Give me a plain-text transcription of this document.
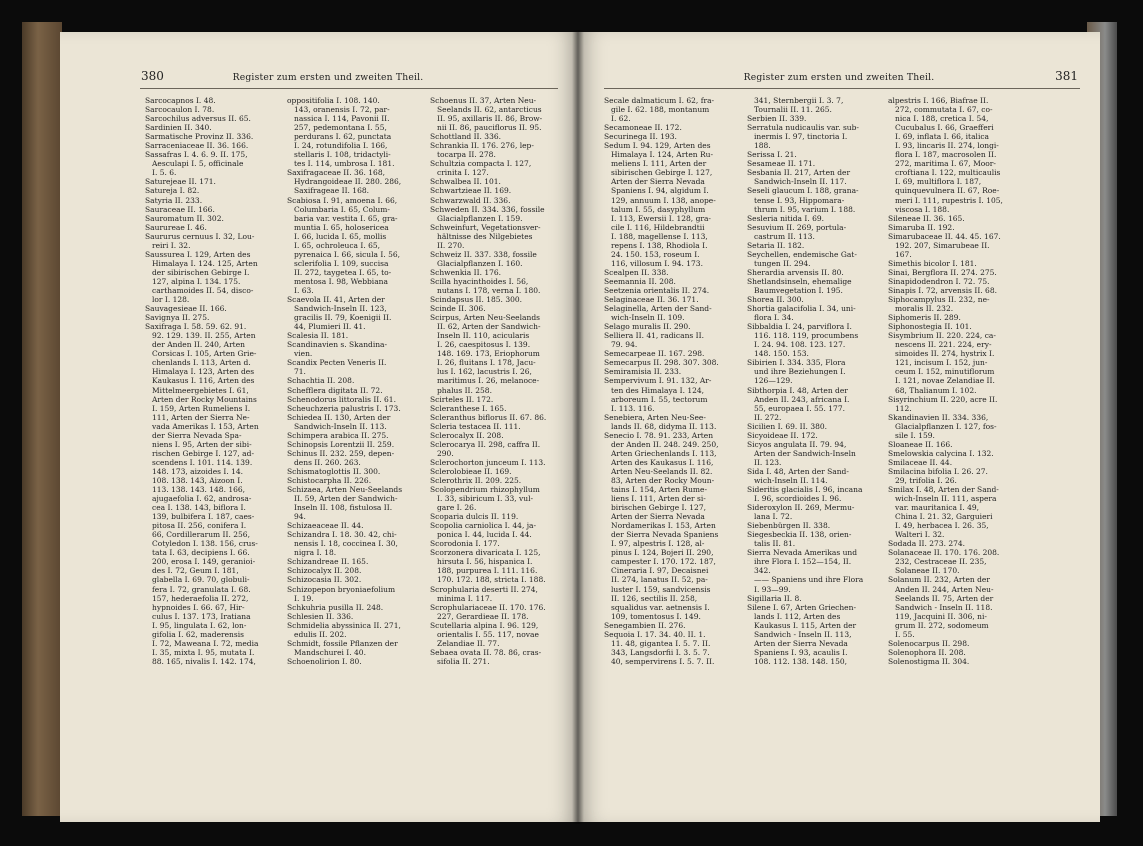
380	Register zum ersten und zweiten Theil.
Sarcocapnos I. 48.
Sarcocaulon I. 78.
Sarcochilus adversus II. 65.
Sardinien II. 340.
Sarmatische Provinz II. 336.
Sarraceniaceae II. 36. 166.
Sassafras I. 4. 6. 9. II. 175,
Aesculapi I. 5, officinale
I. 5. 6.
Saturejeae II. 171.
Satureja I. 82.
Satyria II. 233.
Sauraceae II. 166.
Sauromatum II. 302.
Saurureae I. 46.
Saururus cernuus I. 32, Lou-
reiri I. 32.
Saussurea I. 129, Arten des
Himalaya I. 124. 125, Arten
der sibirischen Gebirge I.
127, alpina I. 134. 175.
carthamoides II. 54, disco-
lor I. 128.
Sauvagesieae II. 166.
Savignya II. 275.
Saxifraga I. 58. 59. 62. 91.
92. 129. 139. II. 255, Arten
der Anden II. 240, Arten
Corsicas I. 105, Arten Grie-
chenlands I. 113, Arten d.
Himalaya I. 123, Arten des
Kaukasus I. 116, Arten des
Mittelmeergebietes I. 61,
Arten der Rocky Mountains
I. 159, Arten Rumeliens I.
111, Arten der Sierra Ne-
vada Amerikas I. 153, Arten
der Sierra Nevada Spa-
niens I. 95, Arten der sibi-
rischen Gebirge I. 127, ad-
scendens I. 101. 114. 139.
148. 173, aizoides I. 14.
108. 138. 143, Aizoon I.
113. 138. 143. 148. 166,
ajugaefolia I. 62, androsa-
cea I. 138. 143, biflora I.
139, bulbifera I. 187, caes-
pitosa II. 256, conifera I.
66, Cordillerarum II. 256,
Cotyledon I. 138. 156, crus-
tata I. 63, decipiens I. 66.
200, erosa I. 149, geranioi-
des I. 72, Geum I. 181,
glabella I. 69. 70, globuli-
fera I. 72, granulata I. 68.
157, hederaefolia II. 272,
hypnoides I. 66. 67, Hir-
culus I. 137. 173, Iratiana
I. 95, lingulata I. 62, lon-
gifolia I. 62, maderensis
I. 72, Maweana I. 72, media
I. 35, mixta I. 95, mutata I.
88. 165, nivalis I. 142. 174,
oppositifolia I. 108. 140.
143, oranensis I. 72, par-
nassica I. 114, Pavonii II.
257, pedemontana I. 55,
perdurans I. 62, punctata
I. 24, rotundifolia I. 166,
stellaris I. 108, tridactyli-
tes I. 114, umbrosa I. 181.
Saxifragaceae II. 36. 168,
Hydrangoideae II. 280. 286,
Saxifrageae II. 168.
Scabiosa I. 91, amoena I. 66,
Columbaria I. 65, Colum-
baria var. vestita I. 65, gra-
muntia I. 65, holosericea
I. 66, lucida I. 65, mollis
I. 65, ochroleuca I. 65,
pyrenaica I. 66, sicula I. 56,
sclerifolia I. 109, succisa
II. 272, taygetea I. 65, to-
mentosa I. 98, Webbiana
I. 63.
Scaevola II. 41, Arten der
Sandwich-Inseln II. 123,
gracilis II. 79, Koenigii II.
44, Plumieri II. 41.
Scalesia II. 181.
Scandinavien s. Skandina-
vien.
Scandix Pecten Veneris II.
71.
Schachtia II. 208.
Schefflera digitata II. 72.
Schenodorus littoralis II. 61.
Scheuchzeria palustris I. 173.
Schiedea II. 130, Arten der
Sandwich-Inseln II. 113.
Schimpera arabica II. 275.
Schinopsis Lorentzii II. 259.
Schinus II. 232. 259, depen-
dens II. 260. 263.
Schismatoglottis II. 300.
Schistocarpha II. 226.
Schizaea, Arten Neu-Seelands
II. 59, Arten der Sandwich-
Inseln II. 108, fistulosa II.
94.
Schizaeaceae II. 44.
Schizandra I. 18. 30. 42, chi-
nensis I. 18, coccinea I. 30,
nigra I. 18.
Schizandreae II. 165.
Schizocalyx II. 208.
Schizocasia II. 302.
Schizopepon bryoniaefolium
I. 19.
Schkuhria pusilla II. 248.
Schlesien II. 336.
Schmidelia abyssinica II. 271,
edulis II. 202.
Schmidt, fossile Pflanzen der
Mandschurei I. 40.
Schoenolirion I. 80.
Schoenus II. 37, Arten Neu-
Seelands II. 62, antarcticus
II. 95, axillaris II. 86, Brow-
nii II. 86, pauciflorus II. 95.
Schottland II. 336.
Schrankia II. 176. 276, lep-
tocarpa II. 278.
Schultzia compacta I. 127,
crinita I. 127.
Schwalbea II. 101.
Schwartzieae II. 169.
Schwarzwald II. 336.
Schweden II. 334. 336, fossile
Glacialpflanzen I. 159.
Schweinfurt, Vegetationsver-
hältnisse des Nilgebietes
II. 270.
Schweiz II. 337. 338, fossile
Glacialpflanzen I. 160.
Schwenkia II. 176.
Scilla hyacinthoides I. 56,
nutans I. 178, verna I. 180.
Scindapsus II. 185. 300.
Scinde II. 306.
Scirpus, Arten Neu-Seelands
II. 62, Arten der Sandwich-
Inseln II. 110, acicularis
I. 26, caespitosus I. 139.
148. 169. 173, Eriophorum
I. 26, fluitans I. 178, Jacu-
lus I. 162, lacustris I. 26,
maritimus I. 26, melanoce-
phalus II. 258.
Scirteles II. 172.
Scleranthese I. 165.
Scleranthus biflorus II. 67. 86.
Scleria testacea II. 111.
Sclerocalyx II. 208.
Sclerocarya II. 298, caffra II.
290.
Sclerochorton junceum I. 113.
Sclerolobieae II. 169.
Sclerothrix II. 209. 225.
Scolopendrium rhizophyllum
I. 33, sibiricum I. 33, vul-
gare I. 26.
Scoparia dulcis II. 119.
Scopolia carniolica I. 44, ja-
ponica I. 44, lucida I. 44.
Scorodonia I. 177.
Scorzonera divaricata I. 125,
hirsuta I. 56, hispanica I.
188, purpurea I. 111. 116.
170. 172. 188, stricta I. 188.
Scrophularia deserti II. 274,
minima I. 117.
Scrophulariaceae II. 170. 176.
227, Gerardieae II. 178.
Scutellaria alpina I. 96. 129,
orientalis I. 55. 117, novae
Zelandiae II. 77.
Sebaea ovata II. 78. 86, cras-
sifolia II. 271.
381
Register zum ersten und zweiten Theil.
Secale dalmaticum I. 62, fra-
gile I. 62. 188, montanum
I. 62.
Secamoneae II. 172.
Securinega II. 193.
Sedum I. 94. 129, Arten des
Himalaya I. 124, Arten Ru-
meliens I. 111, Arten der
sibirischen Gebirge I. 127,
Arten der Sierra Nevada
Spaniens I. 94, algidum I.
129, annuum I. 138, anope-
talum I. 55, dasyphyllum
I. 113, Ewersii I. 128, gra-
cile I. 116, Hildebrandtii
I. 188, magellense I. 113,
repens I. 138, Rhodiola I.
24. 150. 153, roseum I.
116, villosum I. 94. 173.
Scealpen II. 338.
Seemannia II. 208.
Seetzenia orientalis II. 274.
Selaginaceae II. 36. 171.
Selaginella, Arten der Sand-
wich-Inseln II. 109.
Selago muralis II. 290.
Selliera II. 41, radicans II.
79. 94.
Semecarpeae II. 167. 298.
Semecarpus II. 298. 307. 308.
Semiramisia II. 233.
Sempervivum I. 91. 132, Ar-
ten des Himalaya I. 124,
arboreum I. 55, tectorum
I. 113. 116.
Senebiera, Arten Neu-See-
lands II. 68, didyma II. 113.
Senecio I. 78. 91. 233, Arten
der Anden II. 248. 249. 250,
Arten Griechenlands I. 113,
Arten des Kaukasus I. 116,
Arten Neu-Seelands II. 82.
83, Arten der Rocky Moun-
tains I. 154, Arten Rume-
liens I. 111, Arten der si-
birischen Gebirge I. 127,
Arten der Sierra Nevada
Nordamerikas I. 153, Arten
der Sierra Nevada Spaniens
I. 97, alpestris I. 128, al-
pinus I. 124, Bojeri II. 290,
campester I. 170. 172. 187,
Cineraria I. 97, Decaisnei
II. 274, lanatus II. 52, pa-
luster I. 159, sandvicensis
II. 126, sectilis II. 258,
squalidus var. aetnensis I.
109, tomentosus I. 149.
Senegambien II. 276.
Sequoia I. 17. 34. 40. II. 1.
11. 48, gigantea I. 5. 7. II.
343, Langsdorfii I. 3. 5. 7.
40, sempervirens I. 5. 7. II.
341, Sternbergii I. 3. 7,
Tournalii II. 11. 265.
Serbien II. 339.
Serratula nudicaulis var. sub-
inermis I. 97, tinctoria I.
188.
Serissa I. 21.
Sesameae II. 171.
Sesbania II. 217, Arten der
Sandwich-Inseln II. 117.
Seseli glaucum I. 188, grana-
tense I. 93, Hippomara-
thrum I. 95, varium I. 188.
Sesleria nitida I. 69.
Sesuvium II. 269, portula-
castrum II. 113.
Setaria II. 182.
Seychellen, endemische Gat-
tungen II. 294.
Sherardia arvensis II. 80.
Shetlandsinseln, ehemalige
Baumvegetation I. 195.
Shorea II. 300.
Shortia galacifolia I. 34, uni-
flora I. 34.
Sibbaldia I. 24, parviflora I.
116. 118. 119, procumbens
I. 24. 94. 108. 123. 127.
148. 150. 153.
Sibirien I. 334. 335, Flora
und ihre Beziehungen I.
126—129.
Sibthorpia I. 48, Arten der
Anden II. 243, africana I.
55, europaea I. 55. 177.
II. 272.
Sicilien I. 69. II. 380.
Sicyoideae II. 172.
Sicyos angulata II. 79. 94,
Arten der Sandwich-Inseln
II. 123.
Sida I. 48, Arten der Sand-
wich-Inseln II. 114.
Sideritis glacialis I. 96, incana
I. 96, scordioides I. 96.
Sideroxylon II. 269, Mermu-
lana I. 72.
Siebenbürgen II. 338.
Siegesbeckia II. 138, orien-
talis II. 81.
Sierra Nevada Amerikas und
ihre Flora I. 152—154, II.
342.
—— Spaniens und ihre Flora
I. 93—99.
Sigillaria II. 8.
Silene I. 67, Arten Griechen-
lands I. 112, Arten des
Kaukasus I. 115, Arten der
Sandwich - Inseln II. 113,
Arten der Sierra Nevada
Spaniens I. 93, acaulis I.
108. 112. 138. 148. 150,
alpestris I. 166, Biafrae II.
272, commutata I. 67, co-
nica I. 188, cretica I. 54,
Cucubalus I. 66, Graefferi
I. 69, inflata I. 66, italica
I. 93, lincaris II. 274, longi-
flora I. 187, macrosolen II.
272, maritima I. 67, Moor-
croftiana I. 122, multicaulis
I. 69, multiflora I. 187,
quinquevulnera II. 67, Roe-
meri I. 111, rupestris I. 105,
viscosa I. 188.
Sileneae II. 36. 165.
Simaruba II. 192.
Simarubaceae II. 44. 45. 167.
192. 207, Simarubeae II.
167.
Simethis bicolor I. 181.
Sinai, Bergflora II. 274. 275.
Sinapidodendron I. 72. 75.
Sinapis I. 72, arvensis II. 68.
Siphocampylus II. 232, ne-
moralis II. 232.
Siphomeris II. 289.
Siphonostegia II. 101.
Sisymbrium II. 220. 224, ca-
nescens II. 221. 224, ery-
simoides II. 274, hystrix I.
121, incisum I. 152, jun-
ceum I. 152, minutiflorum
I. 121, novae Zelandiae II.
68, Thalianum I. 102.
Sisyrinchium II. 220, acre II.
112.
Skandinavien II. 334. 336,
Glacialpflanzen I. 127, fos-
sile I. 159.
Sloaneae II. 166.
Smelowskia calycina I. 132.
Smilaceae II. 44.
Smilacina bifolia I. 26. 27.
29, trifolia I. 26.
Smilax I. 48, Arten der Sand-
wich-Inseln II. 111, aspera
var. mauritanica I. 49,
China I. 21. 32, Garguieri
I. 49, herbacea I. 26. 35,
Walteri I. 32.
Sodada II. 273. 274.
Solanaceae II. 170. 176. 208.
232, Cestraceae II. 235,
Solaneae II. 170.
Solanum II. 232, Arten der
Anden II. 244, Arten Neu-
Seelands II. 75, Arten der
Sandwich - Inseln II. 118.
119, Jacquini II. 306, ni-
grum II. 272, sodomeum
I. 55.
Solenocarpus II. 298.
Solenophora II. 208.
Solenostigma II. 304.
